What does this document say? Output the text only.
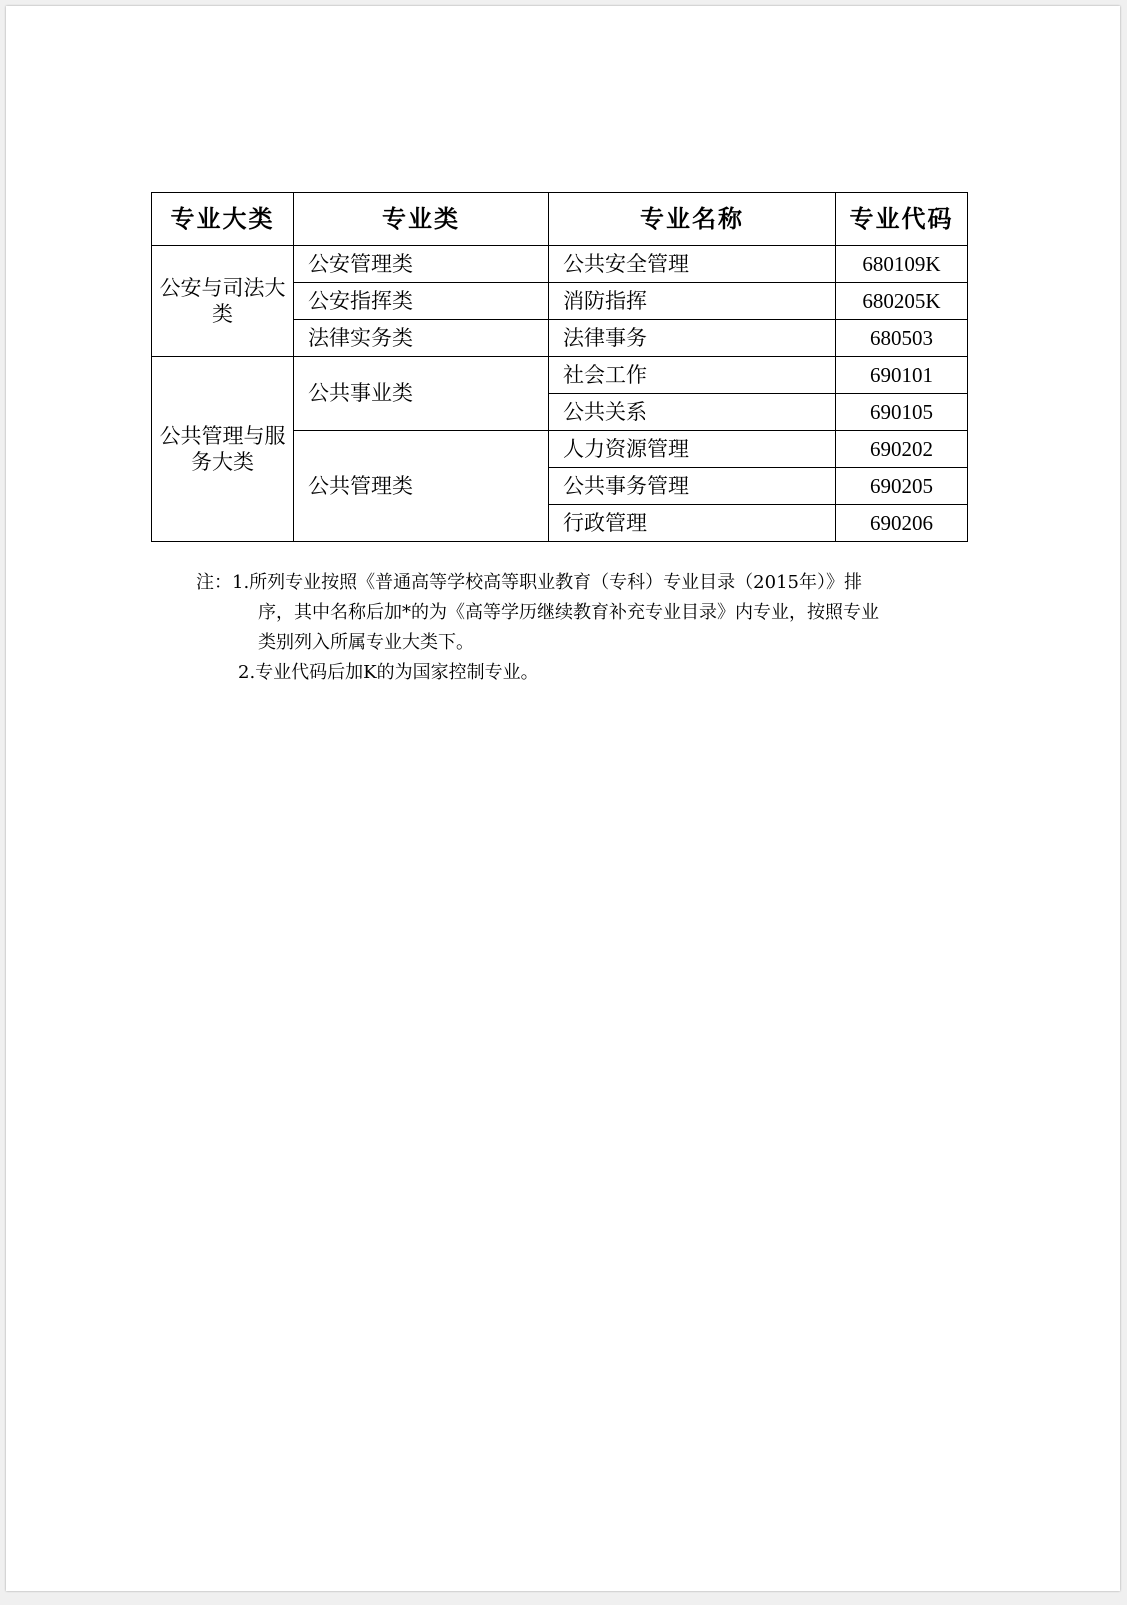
专业大类	专业类	专业名称	专业代码
公安与司法大类	公安管理类	公共安全管理	680109K
	公安指挥类	消防指挥	680205K
	法律实务类	法律事务	680503
公共管理与服务大类	公共事业类	社会工作	690101
		公共关系	690105
	公共管理类	人力资源管理	690202
		公共事务管理	690205
		行政管理	690206
注：1.所列专业按照《普通高等学校高等职业教育（专科）专业目录（2015年）》排
序，其中名称后加*的为《高等学历继续教育补充专业目录》内专业，按照专业
类别列入所属专业大类下。
2.专业代码后加K的为国家控制专业。
